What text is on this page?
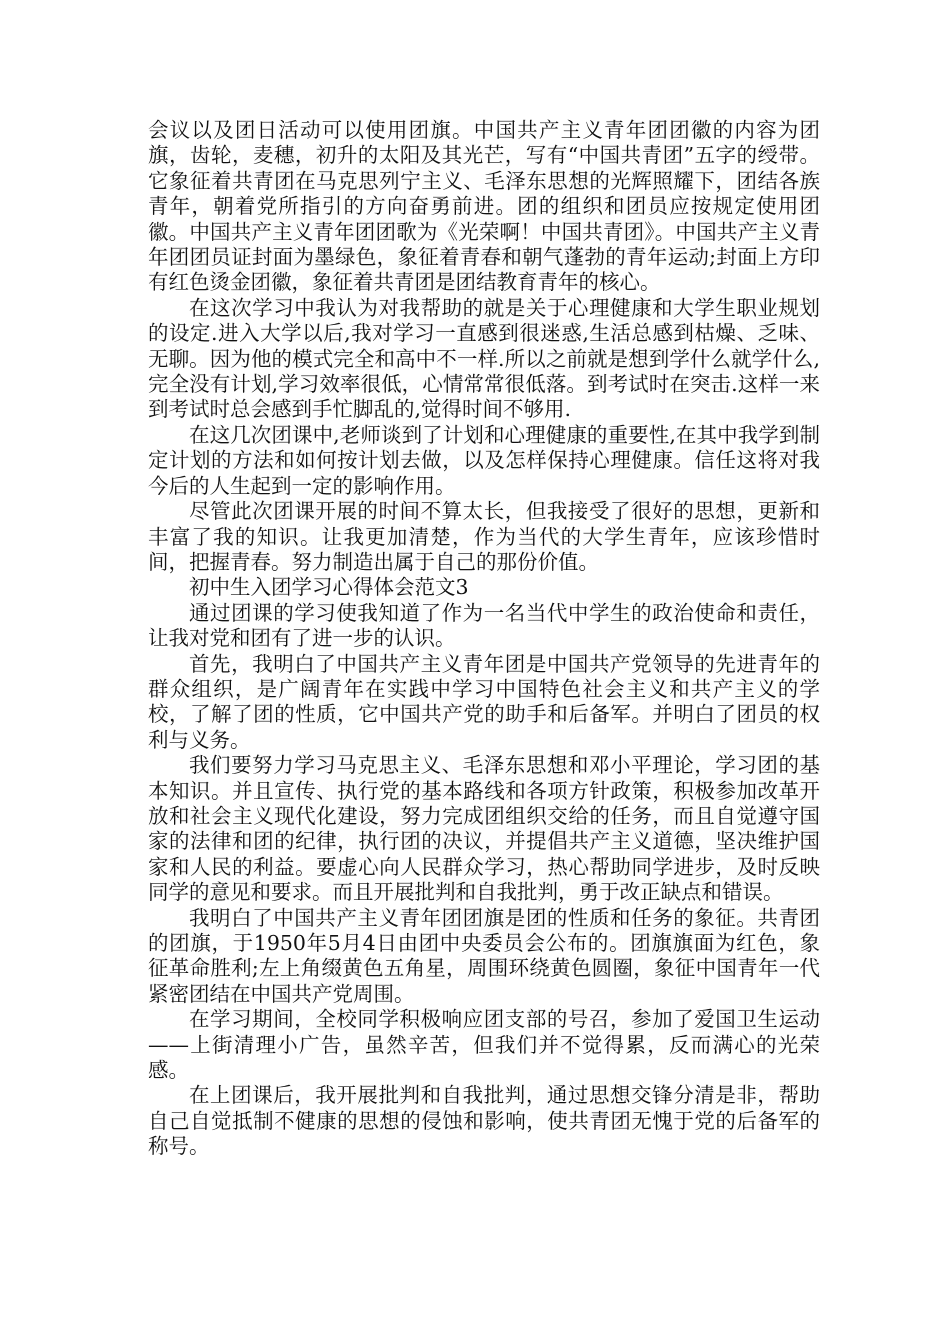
会议以及团日活动可以使用团旗。中国共产主义青年团团徽的内容为团旗，齿轮，麦穗，初升的太阳及其光芒，写有“中国共青团”五字的绶带。它象征着共青团在马克思列宁主义、毛泽东思想的光辉照耀下，团结各族青年，朝着党所指引的方向奋勇前进。团的组织和团员应按规定使用团徽。中国共产主义青年团团歌为《光荣啊！中国共青团》。中国共产主义青年团团员证封面为墨绿色，象征着青春和朝气蓬勃的青年运动;封面上方印有红色烫金团徽，象征着共青团是团结教育青年的核心。

在这次学习中我认为对我帮助的就是关于心理健康和大学生职业规划的设定.进入大学以后,我对学习一直感到很迷惑,生活总感到枯燥、乏味、无聊。因为他的模式完全和高中不一样.所以之前就是想到学什么就学什么,完全没有计划,学习效率很低，心情常常很低落。到考试时在突击.这样一来到考试时总会感到手忙脚乱的,觉得时间不够用.

在这几次团课中,老师谈到了计划和心理健康的重要性,在其中我学到制定计划的方法和如何按计划去做，以及怎样保持心理健康。信任这将对我今后的人生起到一定的影响作用。

尽管此次团课开展的时间不算太长，但我接受了很好的思想，更新和丰富了我的知识。让我更加清楚，作为当代的大学生青年，应该珍惜时间，把握青春。努力制造出属于自己的那份价值。

初中生入团学习心得体会范文3

通过团课的学习使我知道了作为一名当代中学生的政治使命和责任，让我对党和团有了进一步的认识。

首先，我明白了中国共产主义青年团是中国共产党领导的先进青年的群众组织，是广阔青年在实践中学习中国特色社会主义和共产主义的学校，了解了团的性质，它中国共产党的助手和后备军。并明白了团员的权利与义务。

我们要努力学习马克思主义、毛泽东思想和邓小平理论，学习团的基本知识。并且宣传、执行党的基本路线和各项方针政策，积极参加改革开放和社会主义现代化建设，努力完成团组织交给的任务，而且自觉遵守国家的法律和团的纪律，执行团的决议，并提倡共产主义道德，坚决维护国家和人民的利益。要虚心向人民群众学习，热心帮助同学进步，及时反映同学的意见和要求。而且开展批判和自我批判，勇于改正缺点和错误。

我明白了中国共产主义青年团团旗是团的性质和任务的象征。共青团的团旗，于1950年5月4日由团中央委员会公布的。团旗旗面为红色，象征革命胜利;左上角缀黄色五角星，周围环绕黄色圆圈，象征中国青年一代紧密团结在中国共产党周围。

在学习期间，全校同学积极响应团支部的号召，参加了爱国卫生运动——上街清理小广告，虽然辛苦，但我们并不觉得累，反而满心的光荣感。

在上团课后，我开展批判和自我批判，通过思想交锋分清是非，帮助自己自觉抵制不健康的思想的侵蚀和影响，使共青团无愧于党的后备军的称号。
